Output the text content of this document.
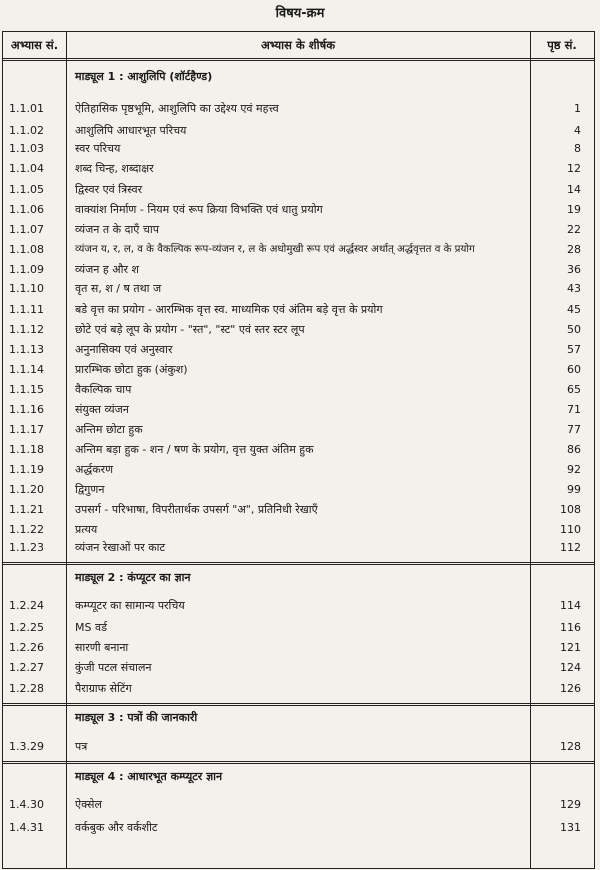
विषय-क्रम
अभ्यास सं.	अभ्यास के शीर्षक	पृष्ठ सं.
माड्यूल 1 : आशुलिपि (शॉर्टहैण्ड)
1.1.01	ऐतिहासिक पृष्ठभूमि, आशुलिपि का उद्देश्य एवं महत्त्व	1
1.1.02	आशुलिपि आधारभूत परिचय	4
1.1.03	स्वर परिचय	8
1.1.04	शब्द चिन्ह, शब्दाक्षर	12
1.1.05	द्विस्वर एवं त्रिस्वर	14
1.1.06	वाक्यांश निर्माण - नियम एवं रूप क्रिया विभक्ति एवं धातु प्रयोग	19
1.1.07	व्यंजन त के दाएँ चाप	22
1.1.08	व्यंजन य, र, ल, व के वैकल्पिक रूप-व्यंजन र, ल के अधोमुखी रूप एवं अर्द्धस्वर अर्थात् अर्द्धवृत्तत व के प्रयोग	28
1.1.09	व्यंजन ह और श	36
1.1.10	वृत स, श / ष तथा ज	43
1.1.11	बडे वृत्त का प्रयोग - आरम्भिक वृत्त स्व. माध्यमिक एवं अंतिम बड़े वृत्त के प्रयोग	45
1.1.12	छोटे एवं बड़े लूप के प्रयोग - "स्त", "स्ट" एवं स्तर स्टर लूप	50
1.1.13	अनुनासिक्य एवं अनुस्वार	57
1.1.14	प्रारम्भिक छोटा हुक (अंकुश)	60
1.1.15	वैकल्पिक चाप	65
1.1.16	संयुक्त व्यंजन	71
1.1.17	अन्तिम छोटा हुक	77
1.1.18	अन्तिम बड़ा हुक - शन / षण के प्रयोग, वृत्त युक्त अंतिम हुक	86
1.1.19	अर्द्धकरण	92
1.1.20	द्विगुणन	99
1.1.21	उपसर्ग - परिभाषा, विपरीतार्थक उपसर्ग "अ", प्रतिनिधी रेखाएँ	108
1.1.22	प्रत्यय	110
1.1.23	व्यंजन रेखाओं पर काट	112
माड्यूल 2 : कंप्यूटर का ज्ञान
1.2.24	कम्प्यूटर का सामान्य परचिय	114
1.2.25	MS वर्ड	116
1.2.26	सारणी बनाना	121
1.2.27	कुंजी पटल संचालन	124
1.2.28	पैराग्राफ सेटिंग	126
माड्यूल 3 : पत्रों की जानकारी
1.3.29	पत्र	128
माड्यूल 4 : आधारभूत कम्प्यूटर ज्ञान
1.4.30	ऐक्सेल	129
1.4.31	वर्कबुक और वर्कशीट	131
